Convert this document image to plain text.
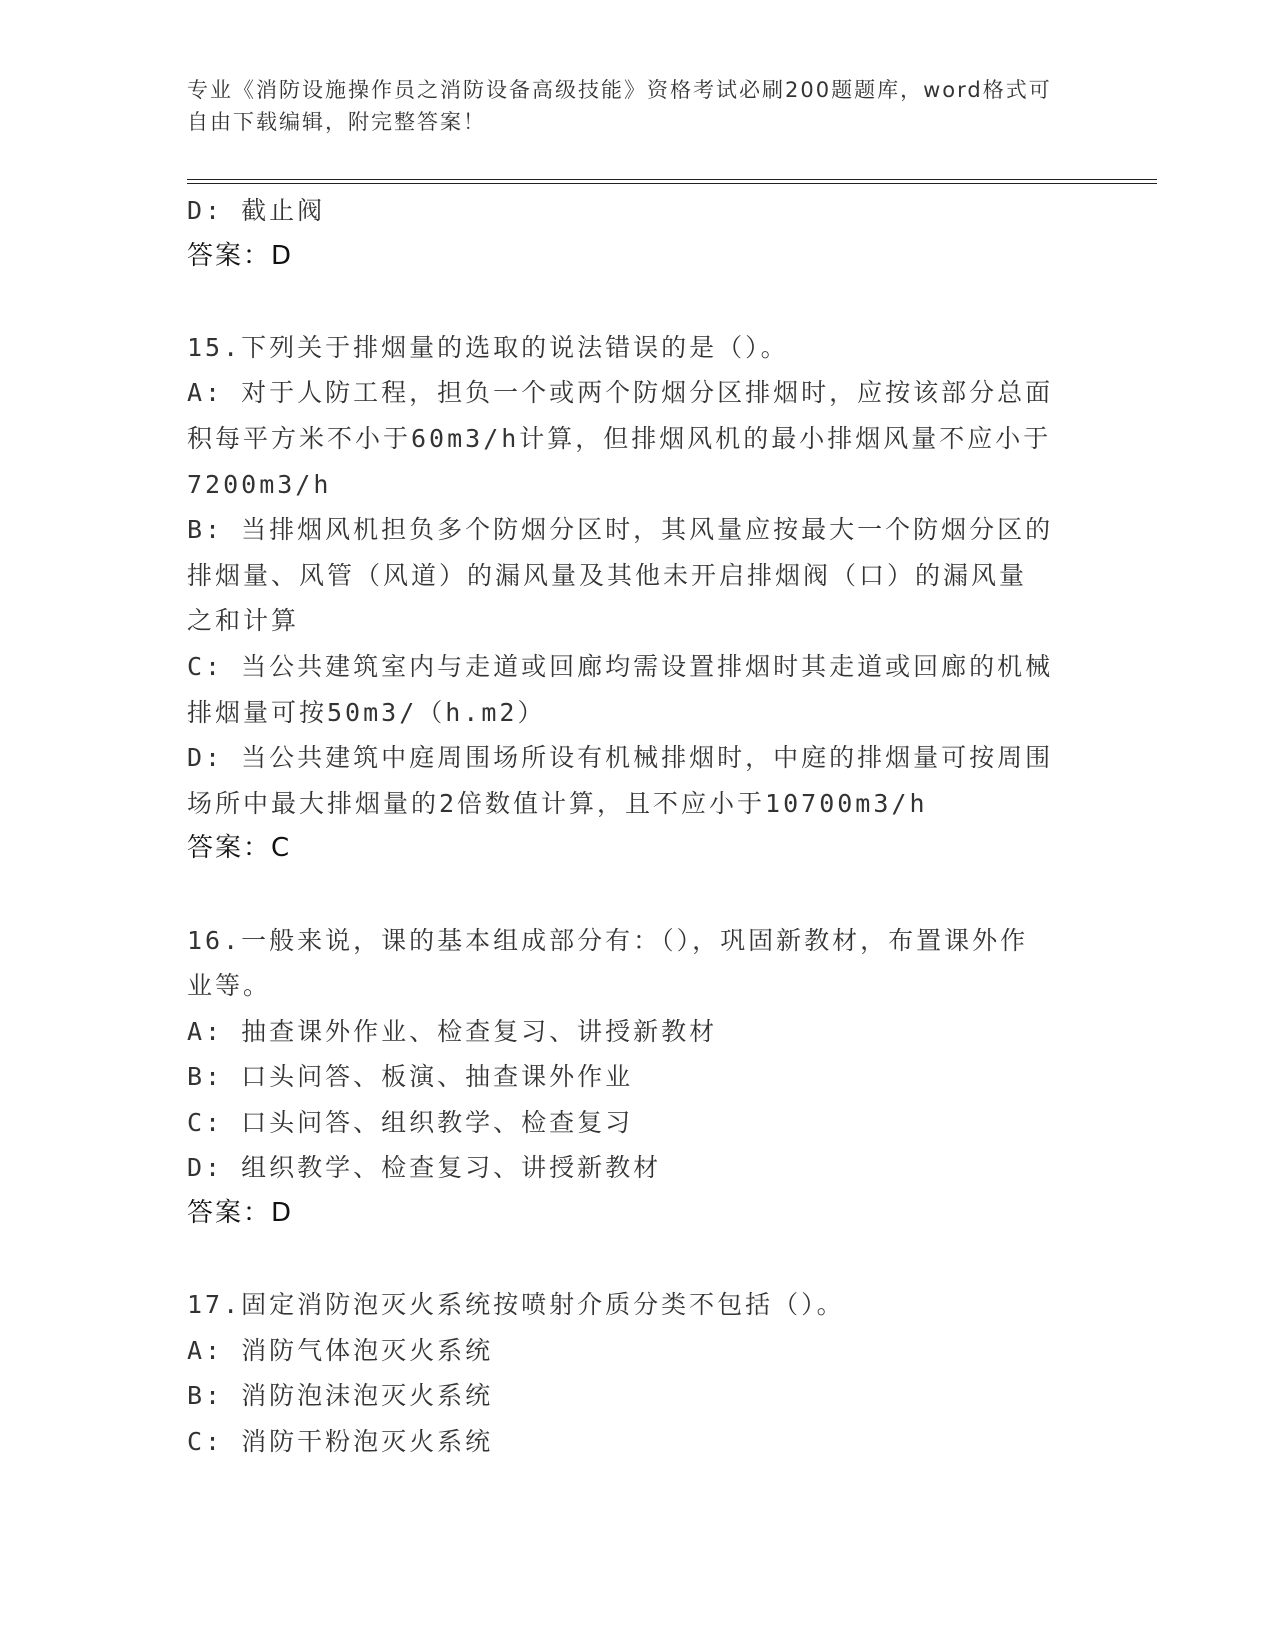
专业《消防设施操作员之消防设备高级技能》资格考试必刷200题题库，word格式可自由下载编辑，附完整答案！

D: 截止阀

答案：D

15.下列关于排烟量的选取的说法错误的是（）。

A: 对于人防工程，担负一个或两个防烟分区排烟时，应按该部分总面

积每平方米不小于60m3/h计算，但排烟风机的最小排烟风量不应小于

7200m3/h

B: 当排烟风机担负多个防烟分区时，其风量应按最大一个防烟分区的

排烟量、风管（风道）的漏风量及其他未开启排烟阀（口）的漏风量

之和计算

C: 当公共建筑室内与走道或回廊均需设置排烟时其走道或回廊的机械

排烟量可按50m3/（h.m2）

D: 当公共建筑中庭周围场所设有机械排烟时，中庭的排烟量可按周围

场所中最大排烟量的2倍数值计算，且不应小于10700m3/h

答案：C

16.一般来说，课的基本组成部分有：（），巩固新教材，布置课外作

业等。

A: 抽查课外作业、检查复习、讲授新教材

B: 口头问答、板演、抽查课外作业

C: 口头问答、组织教学、检查复习

D: 组织教学、检查复习、讲授新教材

答案：D

17.固定消防泡灭火系统按喷射介质分类不包括（）。

A: 消防气体泡灭火系统

B: 消防泡沫泡灭火系统

C: 消防干粉泡灭火系统
